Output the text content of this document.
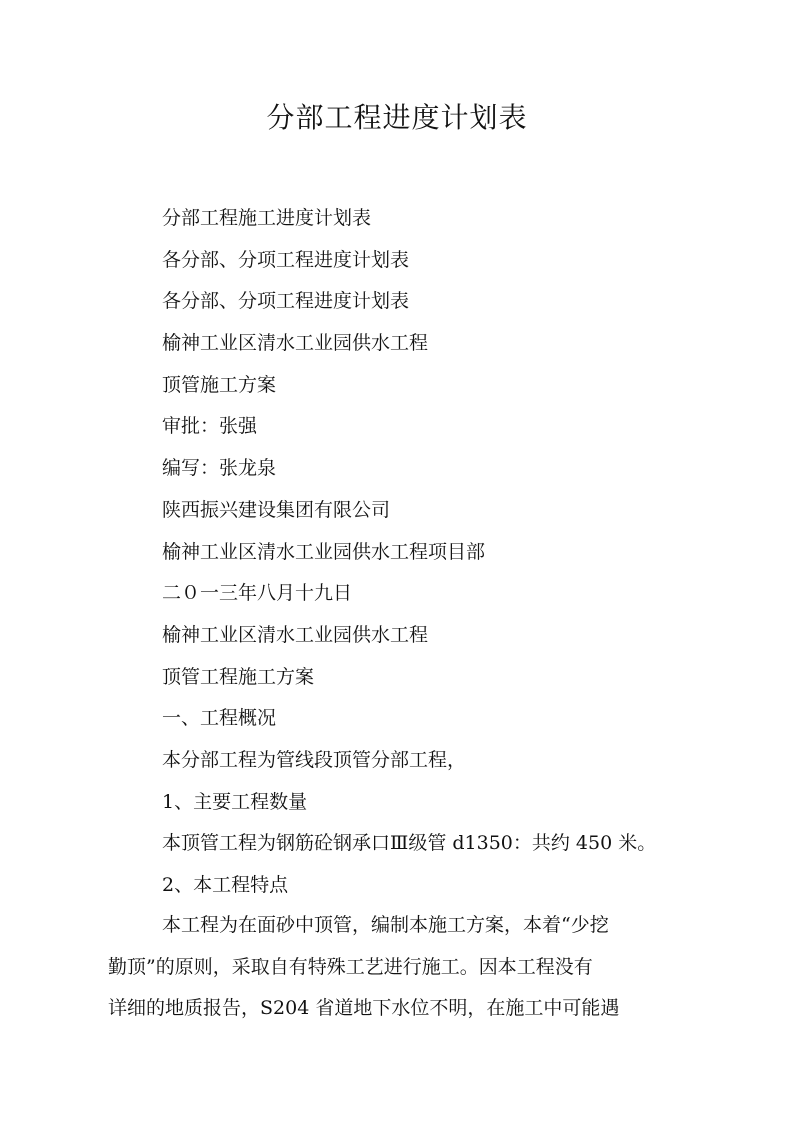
分部工程进度计划表
分部工程施工进度计划表
各分部、分项工程进度计划表
各分部、分项工程进度计划表
榆神工业区清水工业园供水工程
顶管施工方案
审批：张强
编写：张龙泉
陕西振兴建设集团有限公司
榆神工业区清水工业园供水工程项目部
二０一三年八月十九日
榆神工业区清水工业园供水工程
顶管工程施工方案
一、工程概况
本分部工程为管线段顶管分部工程，
1、主要工程数量
本顶管工程为钢筋砼钢承口Ⅲ级管 d1350：共约 450 米。
2、本工程特点
本工程为在面砂中顶管，编制本施工方案，本着“少挖
勤顶”的原则，采取自有特殊工艺进行施工。因本工程没有
详细的地质报告，S204 省道地下水位不明，在施工中可能遇
